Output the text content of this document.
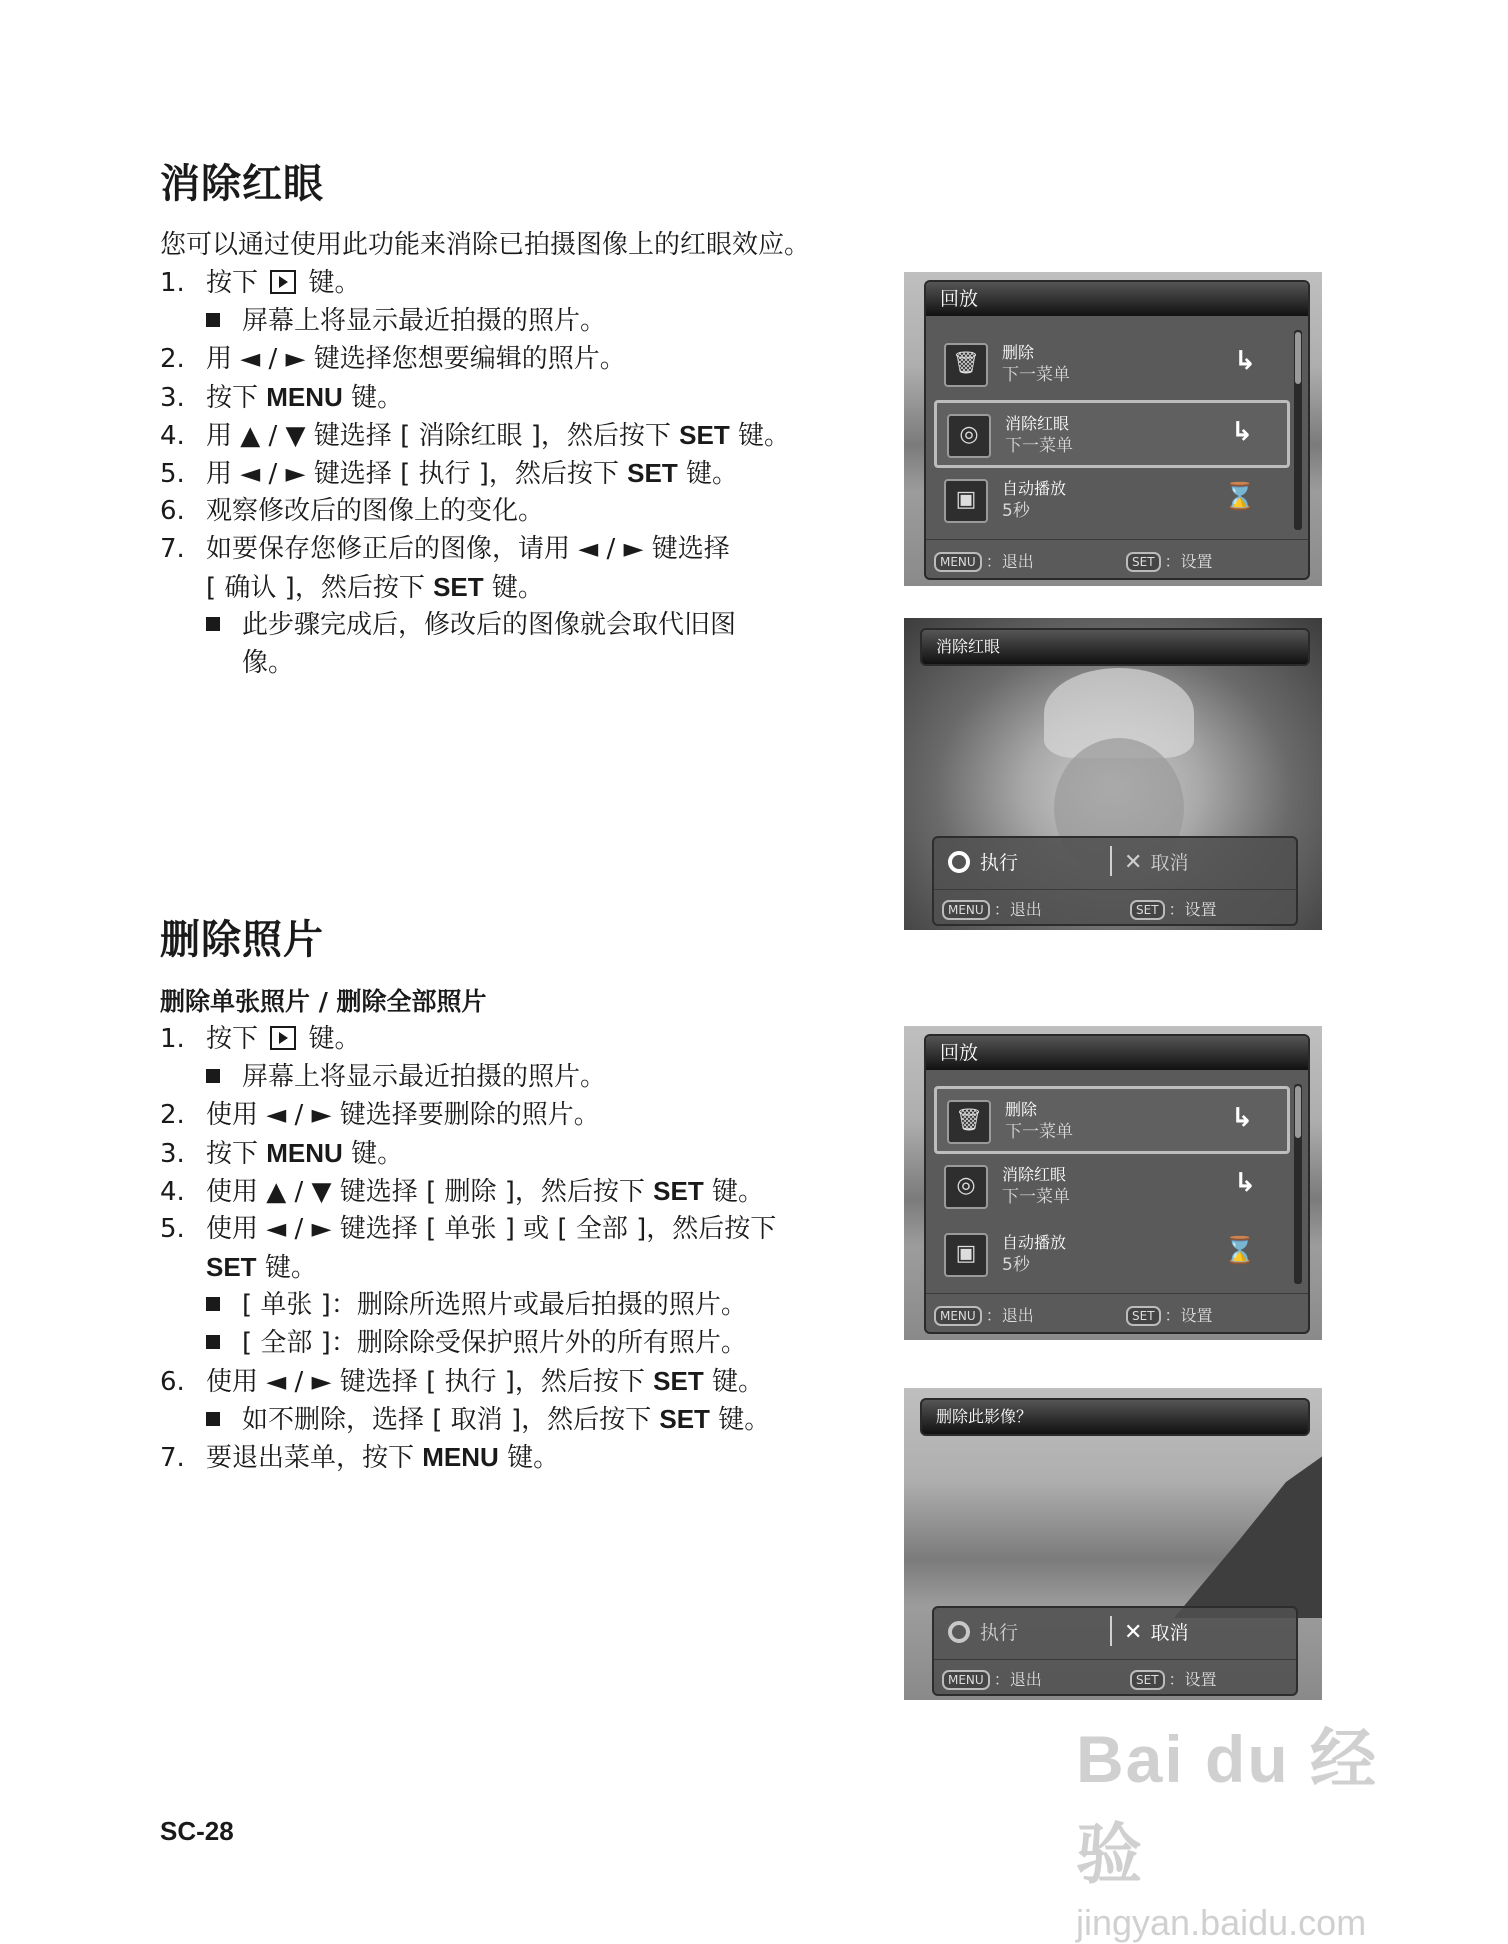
消除红眼
您可以通过使用此功能来消除已拍摄图像上的红眼效应。
1. 按下 键。
屏幕上将显示最近拍摄的照片。
2. 用 ◄ / ► 键选择您想要编辑的照片。
3. 按下 MENU 键。
4. 用 ▲ / ▼ 键选择 [ 消除红眼 ]，然后按下 SET 键。
5. 用 ◄ / ► 键选择 [ 执行 ]，然后按下 SET 键。
6. 观察修改后的图像上的变化。
7. 如要保存您修正后的图像，请用 ◄ / ► 键选择
[ 确认 ]，然后按下 SET 键。
此步骤完成后，修改后的图像就会取代旧图
像。
回放
🗑	删除
下一菜单	↳
◎	消除红眼
下一菜单	↳
▣	自动播放
5秒	⌛
MENU ：退出	SET ：设置
消除红眼
执行	✕ 取消
MENU ：退出	SET ：设置
删除照片
删除单张照片 / 删除全部照片
1. 按下 键。
屏幕上将显示最近拍摄的照片。
2. 使用 ◄ / ► 键选择要删除的照片。
3. 按下 MENU 键。
4. 使用 ▲ / ▼ 键选择 [ 删除 ]，然后按下 SET 键。
5. 使用 ◄ / ► 键选择 [ 单张 ] 或 [ 全部 ]，然后按下
SET 键。
[ 单张 ]：删除所选照片或最后拍摄的照片。
[ 全部 ]：删除除受保护照片外的所有照片。
6. 使用 ◄ / ► 键选择 [ 执行 ]，然后按下 SET 键。
如不删除，选择 [ 取消 ]，然后按下 SET 键。
7. 要退出菜单，按下 MENU 键。
回放
🗑	删除
下一菜单	↳
◎	消除红眼
下一菜单	↳
▣	自动播放
5秒	⌛
MENU ：退出	SET ：设置
删除此影像？
执行	✕ 取消
MENU ：退出	SET ：设置
SC-28
Bai du 经验
jingyan.baidu.com
